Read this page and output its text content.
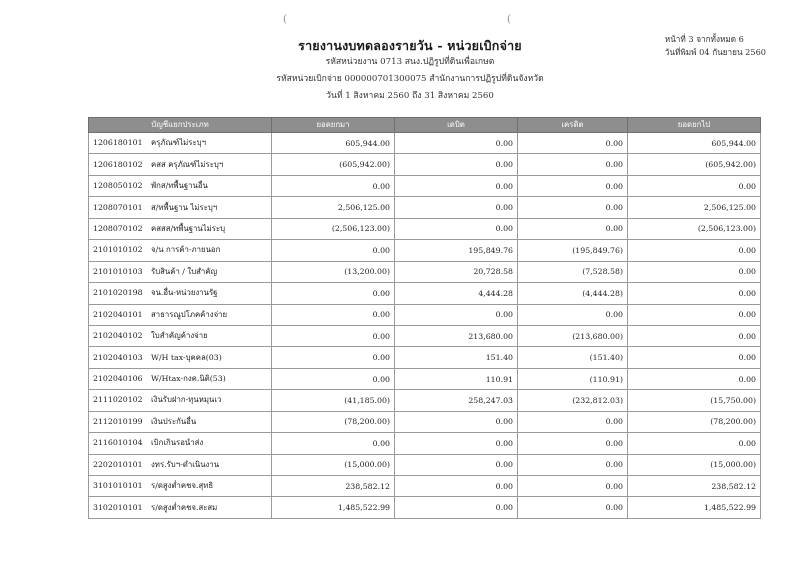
(	(
รายงานงบทดลองรายวัน - หน่วยเบิกจ่าย
รหัสหน่วยงาน 0713 สนง.ปฏิรูปที่ดินเพื่อเกษต
รหัสหน่วยเบิกจ่าย 000000701300075 สำนักงานการปฏิรูปที่ดินจังหวัด
วันที่ 1 สิงหาคม 2560 ถึง 31 สิงหาคม 2560
หน้าที่ 3 จากทั้งหมด 6
วันที่พิมพ์ 04 กันยายน 2560
บัญชีแยกประเภท	ยอดยกมา	เดบิต	เครดิต	ยอดยกไป
1206180101 ครุภัณฑ์ไม่ระบุฯ	605,944.00	0.00	0.00	605,944.00
1206180102 คสส ครุภัณฑ์ไม่ระบุฯ	(605,942.00)	0.00	0.00	(605,942.00)
1208050102 พักส/ทพื้นฐานอื่น	0.00	0.00	0.00	0.00
1208070101 ส/ทพื้นฐาน ไม่ระบุฯ	2,506,125.00	0.00	0.00	2,506,125.00
1208070102 คสสส/ทพื้นฐานไม่ระบุ	(2,506,123.00)	0.00	0.00	(2,506,123.00)
2101010102 จ/น การค้า-ภายนอก	0.00	195,849.76	(195,849.76)	0.00
2101010103 รับสินค้า / ใบสำคัญ	(13,200.00)	20,728.58	(7,528.58)	0.00
2101020198 จน.อื่น-หน่วยงานรัฐ	0.00	4,444.28	(4,444.28)	0.00
2102040101 สาธารณูปโภคค้างจ่าย	0.00	0.00	0.00	0.00
2102040102 ใบสำคัญค้างจ่าย	0.00	213,680.00	(213,680.00)	0.00
2102040103 W/H tax-บุคคล(03)	0.00	151.40	(151.40)	0.00
2102040106 W/Htax-กงค.นิติ(53)	0.00	110.91	(110.91)	0.00
2111020102 เงินรับฝาก-ทุนหมุนเว	(41,185.00)	258,247.03	(232,812.03)	(15,750.00)
2112010199 เงินประกันอื่น	(78,200.00)	0.00	0.00	(78,200.00)
2116010104 เบิกเกินรอนำส่ง	0.00	0.00	0.00	0.00
2202010101 งทร.รับฯ-ดำเนินงาน	(15,000.00)	0.00	0.00	(15,000.00)
3101010101 ร/ดสูงต่ำคชจ.สุทธิ	238,582.12	0.00	0.00	238,582.12
3102010101 ร/ดสูงต่ำคชจ.สะสม	1,485,522.99	0.00	0.00	1,485,522.99
